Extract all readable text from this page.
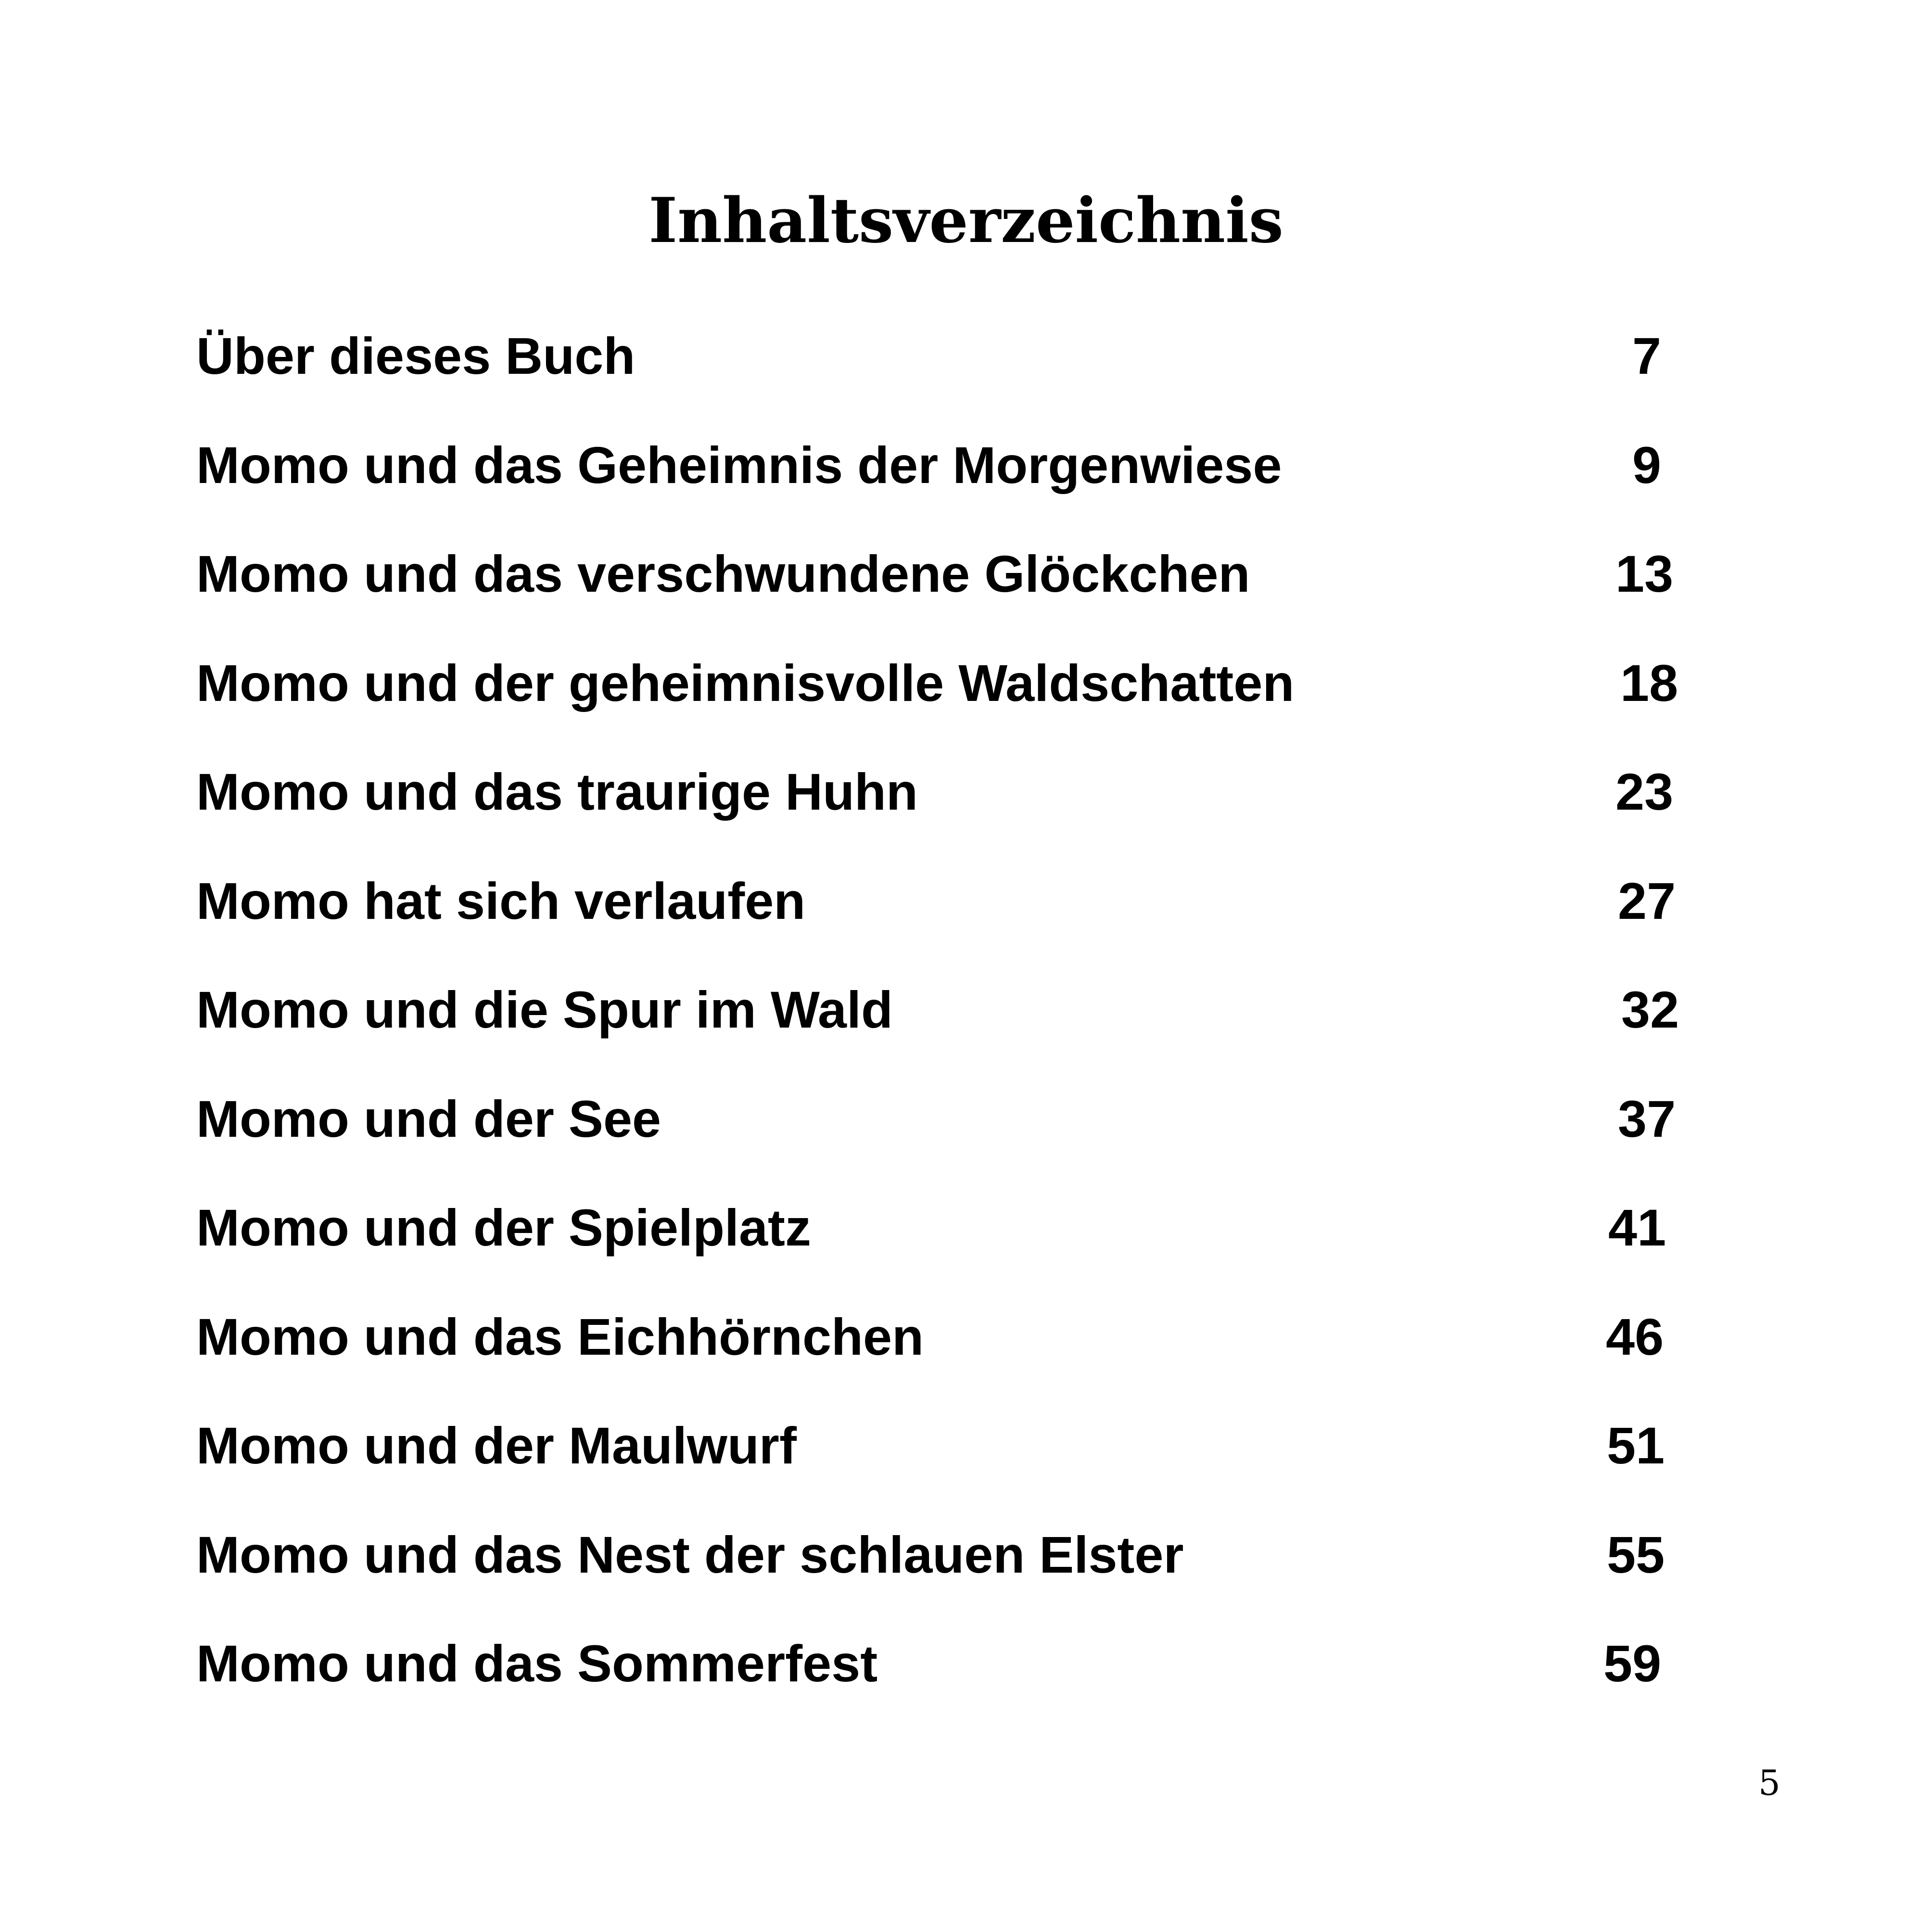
Inhaltsverzeichnis
Über dieses Buch	7
Momo und das Geheimnis der Morgenwiese	9
Momo und das verschwundene Glöckchen	13
Momo und der geheimnisvolle Waldschatten	18
Momo und das traurige Huhn	23
Momo hat sich verlaufen	27
Momo und die Spur im Wald	32
Momo und der See	37
Momo und der Spielplatz	41
Momo und das Eichhörnchen	46
Momo und der Maulwurf	51
Momo und das Nest der schlauen Elster	55
Momo und das Sommerfest	59
5
